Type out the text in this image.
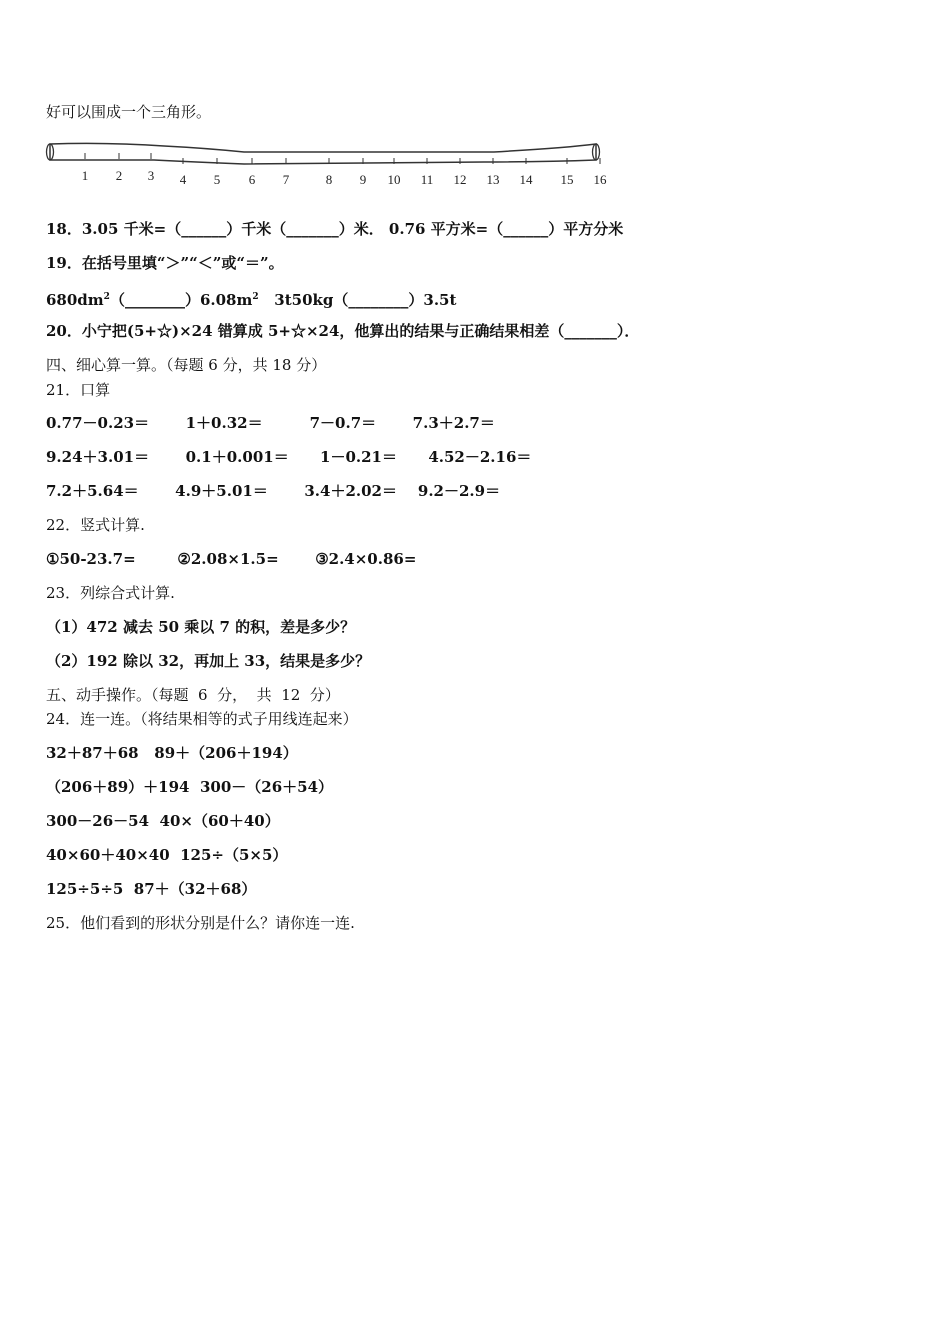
好可以围成一个三角形。
1 2 3 4 5 6 7	8 9 10 11 12 13 14 15 16
18．3.05 千米=（______）千米（_______）米． 0.76 平方米=（______）平方分米
19．在括号里填“＞”“＜”或“＝”。
$680dm^2(\_\_\_\_\_\_\_\_)6.08m^2$   3t50kg（________）3.5t
20．小宁把(5+☆)×24 错算成 5+☆×24，他算出的结果与正确结果相差（_______）．
四、细心算一算。（每题 6 分，共 18 分）
21．口算
0.77－0.23＝       1＋0.32＝         7－0.7＝       7.3＋2.7＝
9.24＋3.01＝       0.1＋0.001＝      1－0.21＝      4.52－2.16＝
7.2＋5.64＝       4.9＋5.01＝       3.4＋2.02＝    9.2－2.9＝
22．竖式计算.
①50-23.7=        ②2.08×1.5=       ③2.4×0.86=
23．列综合式计算.
（1）472 减去 50 乘以 7 的积，差是多少？
（2）192 除以 32，再加上 33，结果是多少？
五、动手操作。（每题  6  分，  共  12  分）
24．连一连。（将结果相等的式子用线连起来）
32＋87＋68   89＋（206＋194）
（206＋89）＋194  300－（26＋54）
300－26－54  40×（60＋40）
40×60＋40×40  125÷（5×5）
125÷5÷5  87＋（32＋68）
25．他们看到的形状分别是什么？请你连一连.
